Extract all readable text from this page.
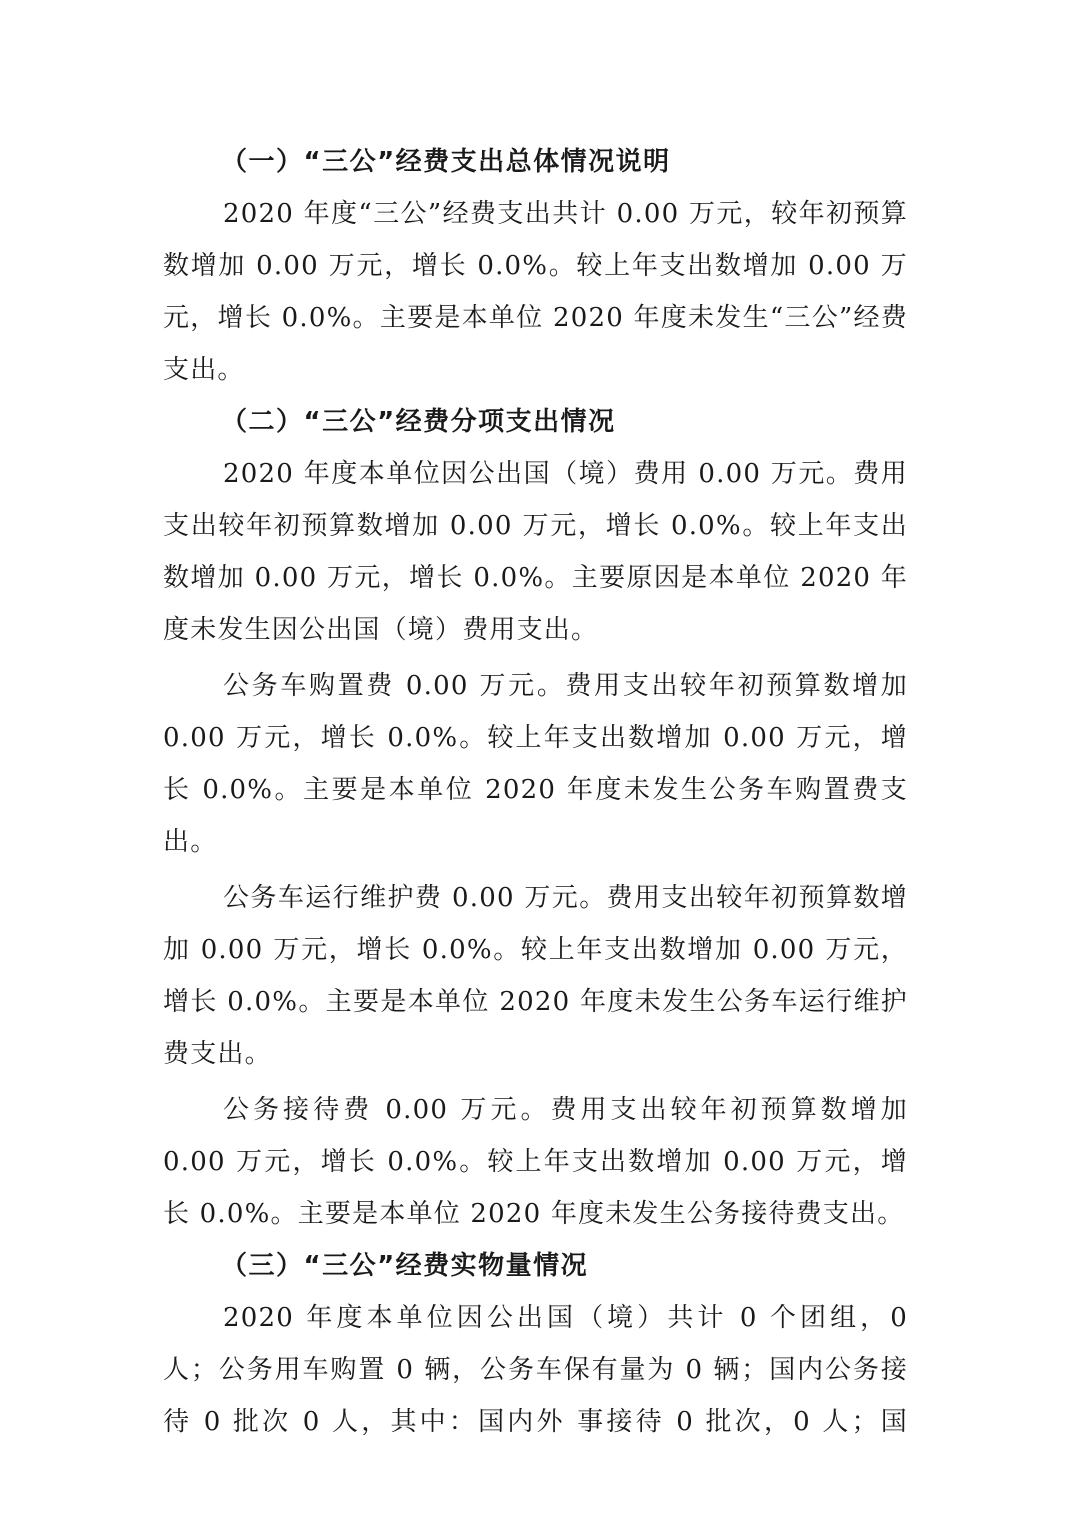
（一）“三公”经费支出总体情况说明

2020 年度“三公”经费支出共计 0.00 万元，较年初预算数增加 0.00 万元，增长 0.0%。较上年支出数增加 0.00 万元，增长 0.0%。主要是本单位 2020 年度未发生“三公”经费支出。

（二）“三公”经费分项支出情况

2020 年度本单位因公出国（境）费用 0.00 万元。费用支出较年初预算数增加 0.00 万元，增长 0.0%。较上年支出数增加 0.00 万元，增长 0.0%。主要原因是本单位 2020 年度未发生因公出国（境）费用支出。

公务车购置费 0.00 万元。费用支出较年初预算数增加 0.00 万元，增长 0.0%。较上年支出数增加 0.00 万元，增长 0.0%。主要是本单位 2020 年度未发生公务车购置费支出。

公务车运行维护费 0.00 万元。费用支出较年初预算数增加 0.00 万元，增长 0.0%。较上年支出数增加 0.00 万元，增长 0.0%。主要是本单位 2020 年度未发生公务车运行维护费支出。

公务接待费 0.00 万元。费用支出较年初预算数增加 0.00 万元，增长 0.0%。较上年支出数增加 0.00 万元，增长 0.0%。主要是本单位 2020 年度未发生公务接待费支出。

（三）“三公”经费实物量情况

2020 年度本单位因公出国（境）共计 0 个团组，0 人；公务用车购置 0 辆，公务车保有量为 0 辆；国内公务接待 0 批次 0 人，其中：国内外 事接待 0 批次，0 人；国
